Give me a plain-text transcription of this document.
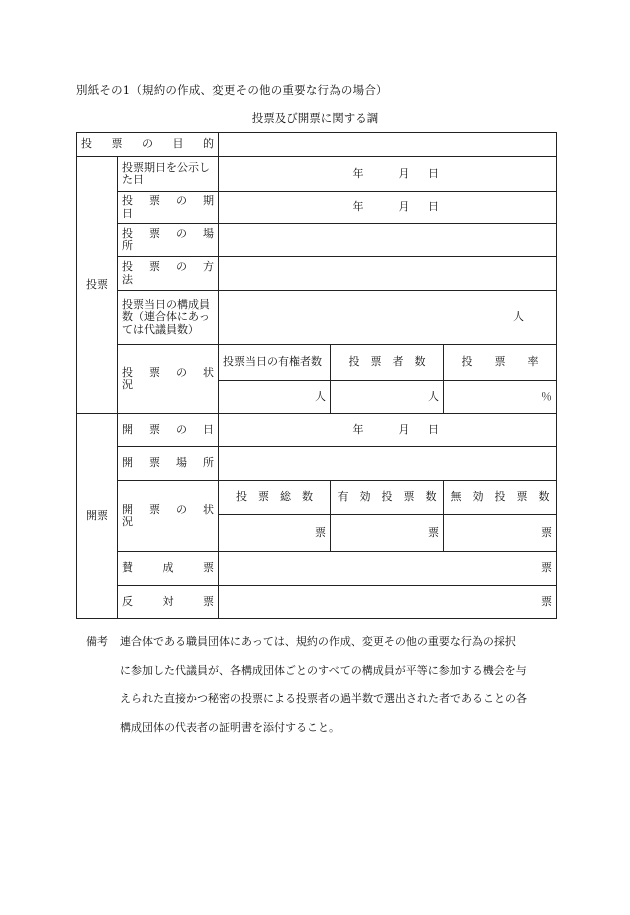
別紙その1（規約の作成、変更その他の重要な行為の場合）
投票及び開票に関する調
投　票　の　目　的				
投票	投票期日を公示した日	年 月 日		
	投　票　の　期　日	年 月 日		
	投　票　の　場　所			
	投　票　の　方　法			
	投票当日の構成員数（連合体にあっては代議員数）	人		
	投　票　の　状　況	投票当日の有権者数	投　票　者　数	投　　票　　率
		人	人	％
開票	開　票　の　日	年 月 日		
	開　票　場　所			
	開　票　の　状　況	投　票　総　数	有　効　投　票　数	無　効　投　票　数
		票	票	票
	賛　　成　　票	票		
	反　　対　　票	票		
備考 連合体である職員団体にあっては、規約の作成、変更その他の重要な行為の採択
に参加した代議員が、各構成団体ごとのすべての構成員が平等に参加する機会を与
えられた直接かつ秘密の投票による投票者の過半数で選出された者であることの各
構成団体の代表者の証明書を添付すること。
